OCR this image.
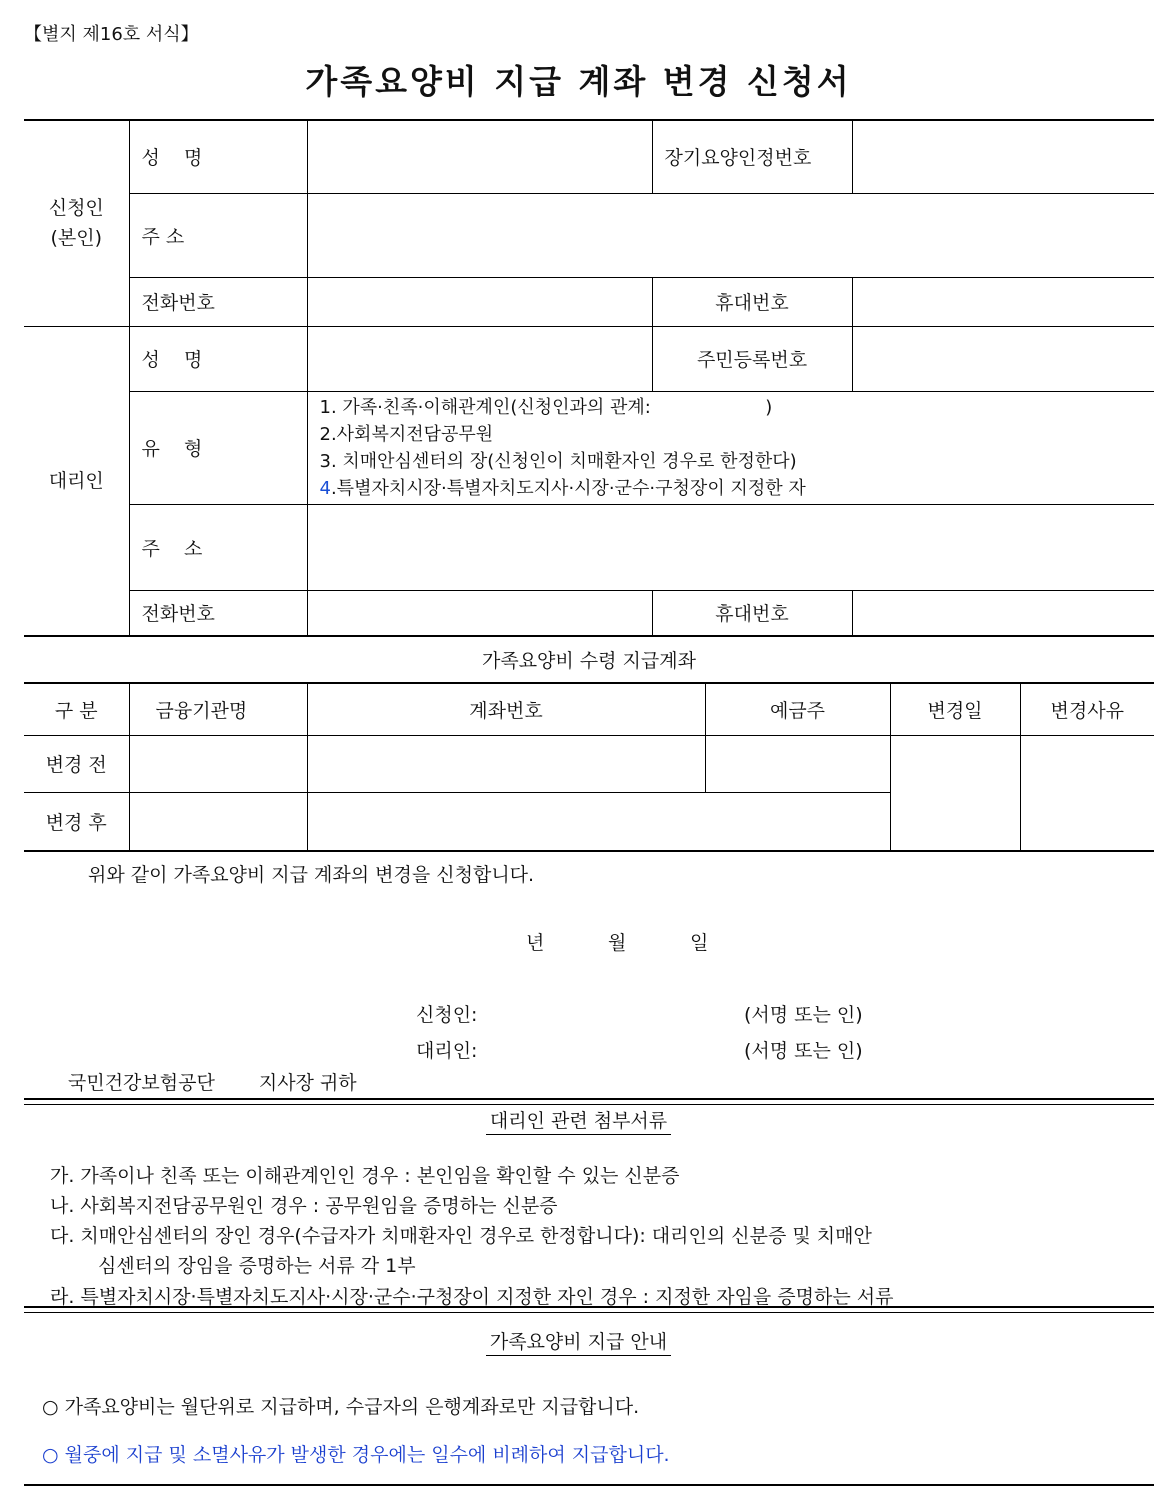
【별지 제16호 서식】
가족요양비 지급 계좌 변경 신청서
신청인
(본인)	성    명		장기요양인정번호	
	주 소			
	전화번호		휴대번호	
대리인	성    명		주민등록번호	
	유    형	1. 가족·친족·이해관계인(신청인과의 관계:                    )
2.사회복지전담공무원
3. 치매안심센터의 장(신청인이 치매환자인 경우로 한정한다)
4.특별자치시장·특별자치도지사·시장·군수·구청장이 지정한 자		

	주    소			
	전화번호		휴대번호	
가족요양비 수령 지급계좌
구 분	금융기관명	계좌번호	예금주	변경일	변경사유
변경 전					
변경 후					
위와 같이 가족요양비 지급 계좌의 변경을 신청합니다.
년	월	일
신청인:	(서명 또는 인)
대리인:	(서명 또는 인)
국민건강보험공단 지사장 귀하
대리인 관련 첨부서류
가. 가족이나 친족 또는 이해관계인인 경우 : 본인임을 확인할 수 있는 신분증
나. 사회복지전담공무원인 경우 : 공무원임을 증명하는 신분증
다. 치매안심센터의 장인 경우(수급자가 치매환자인 경우로 한정합니다): 대리인의 신분증 및 치매안
심센터의 장임을 증명하는 서류 각 1부
라. 특별자치시장·특별자치도지사·시장·군수·구청장이 지정한 자인 경우 : 지정한 자임을 증명하는 서류
가족요양비 지급 안내
○ 가족요양비는 월단위로 지급하며, 수급자의 은행계좌로만 지급합니다.
○ 월중에 지급 및 소멸사유가 발생한 경우에는 일수에 비례하여 지급합니다.
